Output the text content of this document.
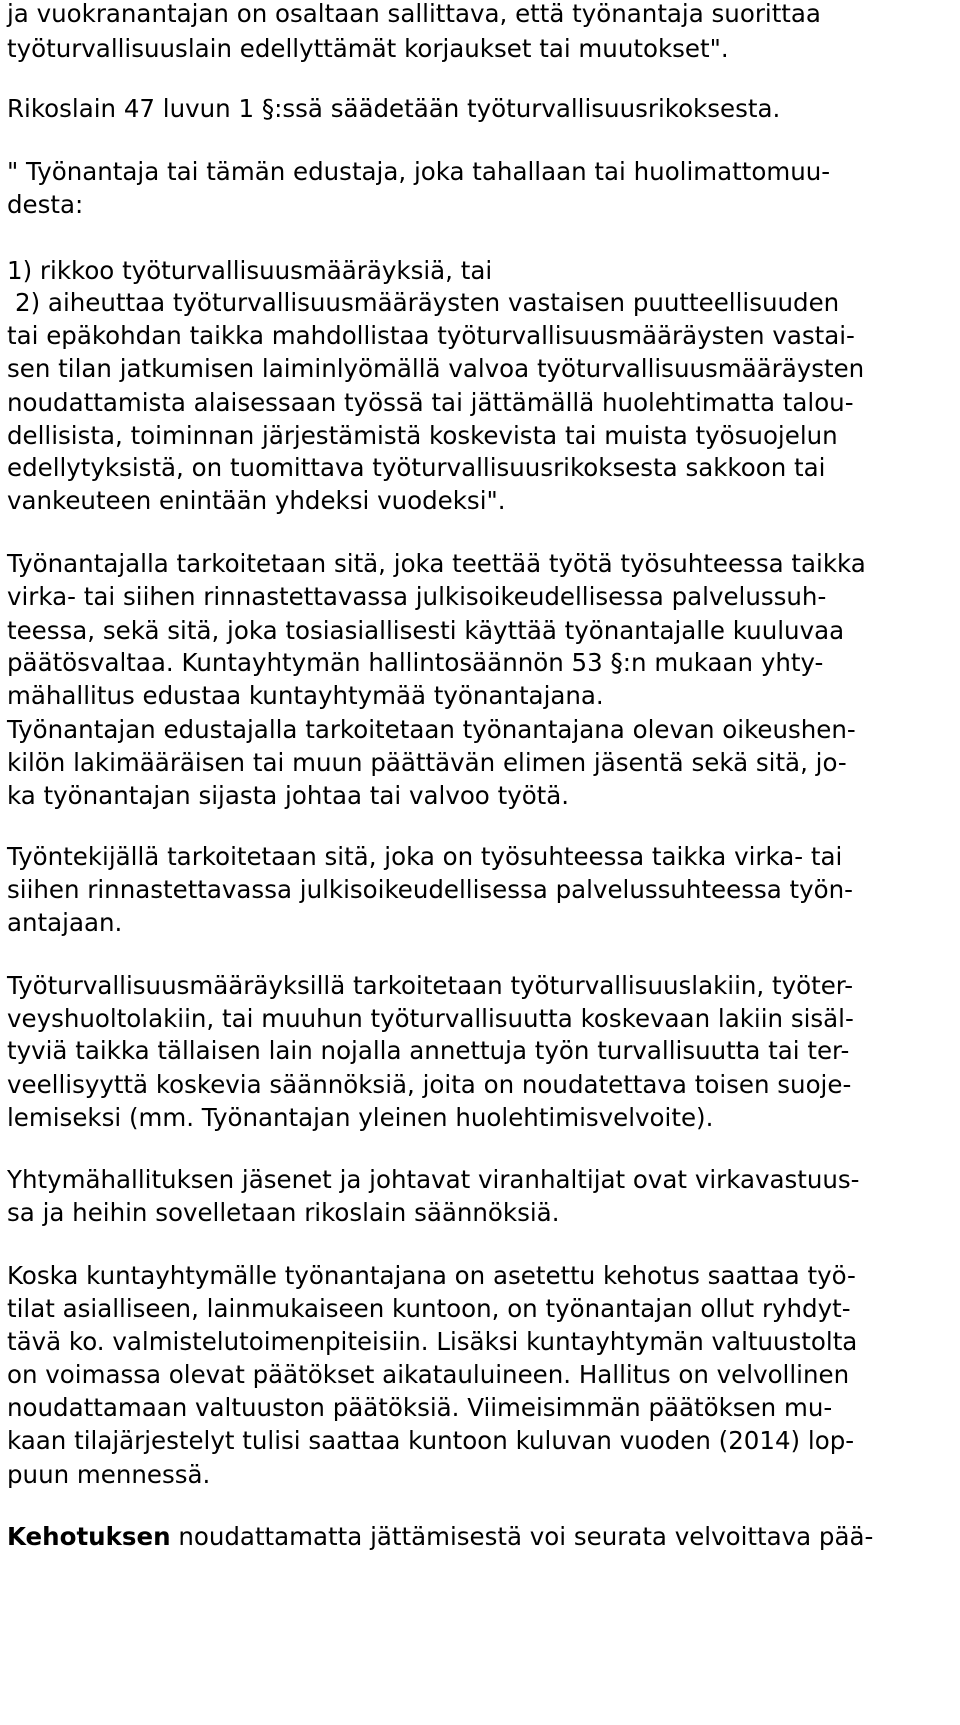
ja vuokranantajan on osaltaan sallittava, että työnantaja suorittaa
työturvallisuuslain edellyttämät korjaukset tai muutokset".
Rikoslain 47 luvun 1 §:ssä säädetään työturvallisuusrikoksesta.
" Työnantaja tai tämän edustaja, joka tahallaan tai huolimattomuu-
desta:
1) rikkoo työturvallisuusmääräyksiä, tai
2) aiheuttaa työturvallisuusmääräysten vastaisen puutteellisuuden
tai epäkohdan taikka mahdollistaa työturvallisuusmääräysten vastai-
sen tilan jatkumisen laiminlyömällä valvoa työturvallisuusmääräysten
noudattamista alaisessaan työssä tai jättämällä huolehtimatta talou-
dellisista, toiminnan järjestämistä koskevista tai muista työsuojelun
edellytyksistä, on tuomittava työturvallisuusrikoksesta sakkoon tai
vankeuteen enintään yhdeksi vuodeksi".
Työnantajalla tarkoitetaan sitä, joka teettää työtä työsuhteessa taikka
virka- tai siihen rinnastettavassa julkisoikeudellisessa palvelussuh-
teessa, sekä sitä, joka tosiasiallisesti käyttää työnantajalle kuuluvaa
päätösvaltaa. Kuntayhtymän hallintosäännön 53 §:n mukaan yhty-
mähallitus edustaa kuntayhtymää työnantajana.
Työnantajan edustajalla tarkoitetaan työnantajana olevan oikeushen-
kilön lakimääräisen tai muun päättävän elimen jäsentä sekä sitä, jo-
ka työnantajan sijasta johtaa tai valvoo työtä.
Työntekijällä tarkoitetaan sitä, joka on työsuhteessa taikka virka- tai
siihen rinnastettavassa julkisoikeudellisessa palvelussuhteessa työn-
antajaan.
Työturvallisuusmääräyksillä tarkoitetaan työturvallisuuslakiin, työter-
veyshuoltolakiin, tai muuhun työturvallisuutta koskevaan lakiin sisäl-
tyviä taikka tällaisen lain nojalla annettuja työn turvallisuutta tai ter-
veellisyyttä koskevia säännöksiä, joita on noudatettava toisen suoje-
lemiseksi (mm. Työnantajan yleinen huolehtimisvelvoite).
Yhtymähallituksen jäsenet ja johtavat viranhaltijat ovat virkavastuus-
sa ja heihin sovelletaan rikoslain säännöksiä.
Koska kuntayhtymälle työnantajana on asetettu kehotus saattaa työ-
tilat asialliseen, lainmukaiseen kuntoon, on työnantajan ollut ryhdyt-
tävä ko. valmistelutoimenpiteisiin. Lisäksi kuntayhtymän valtuustolta
on voimassa olevat päätökset aikatauluineen. Hallitus on velvollinen
noudattamaan valtuuston päätöksiä. Viimeisimmän päätöksen mu-
kaan tilajärjestelyt tulisi saattaa kuntoon kuluvan vuoden (2014) lop-
puun mennessä.
Kehotuksen noudattamatta jättämisestä voi seurata velvoittava pää-
